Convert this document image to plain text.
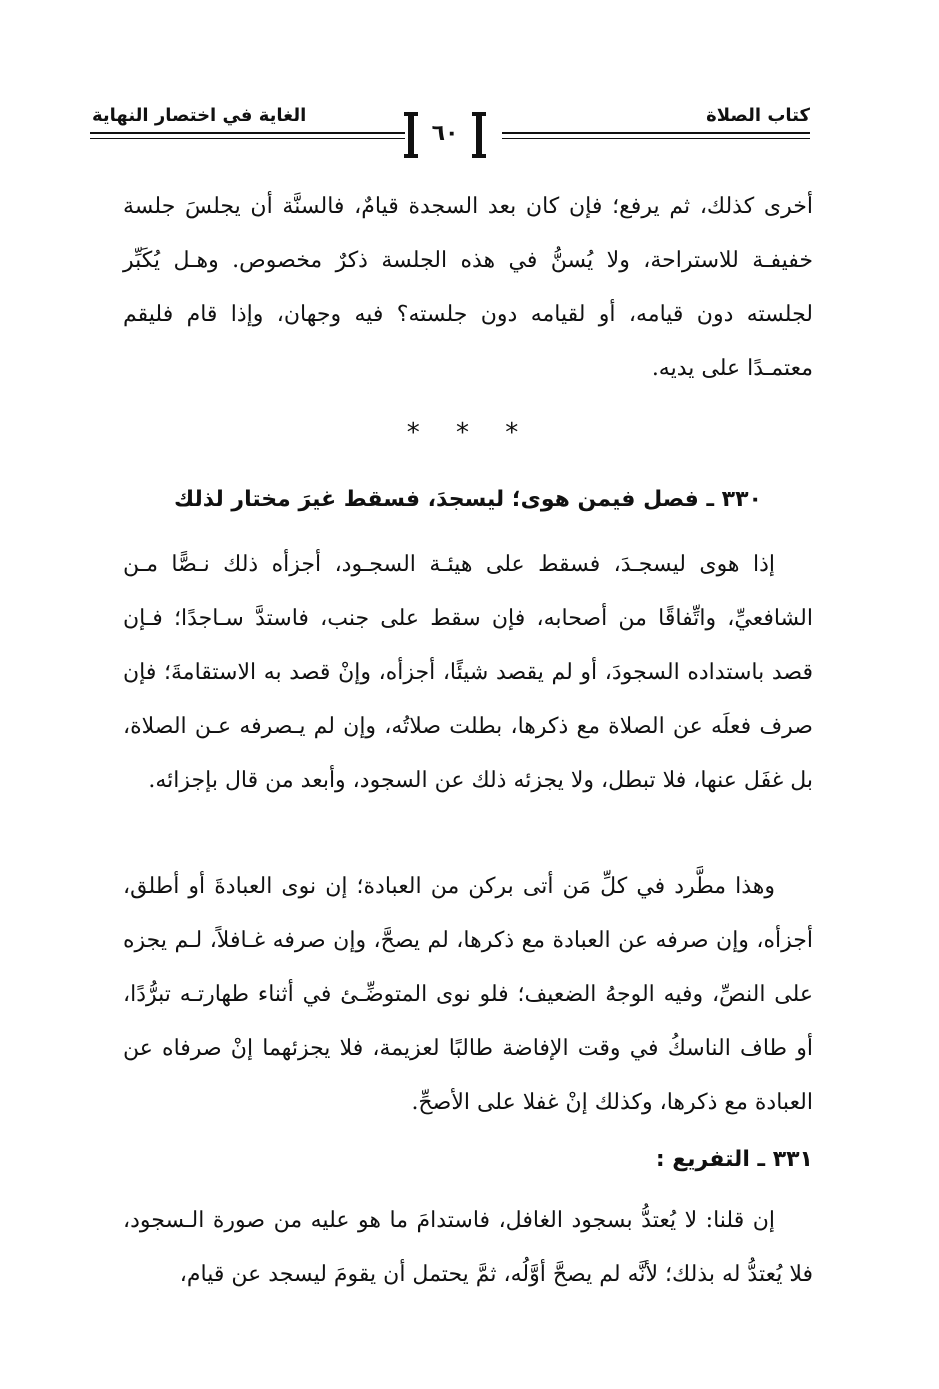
كتاب الصلاة
٦٠
الغاية في اختصار النهاية

أخرى كذلك، ثم يرفع؛ فإن كان بعد السجدة قيامٌ، فالسنَّة أن يجلسَ جلسة خفيفـة للاستراحة، ولا يُسنُّ في هذه الجلسة ذكرٌ مخصوص. وهـل يُكَبِّر لجلسته دون قيامه، أو لقيامه دون جلسته؟ فيه وجهان، وإذا قام فليقم معتمـدًا على يديه.

* * *
٣٣٠ ـ فصل فيمن هوى؛ ليسجدَ، فسقط غيرَ مختار لذلك

إذا هوى ليسجـدَ، فسقط على هيئـة السجـود، أجزأه ذلك نـصًّا مـن الشافعيِّ، واتِّفاقًا من أصحابه، فإن سقط على جنب، فاستدَّ سـاجدًا؛ فـإن قصد باستداده السجودَ، أو لم يقصد شيئًا، أجزأه، وإنْ قصد به الاستقامةَ؛ فإن صرف فعلَه عن الصلاة مع ذكرها، بطلت صلاتُه، وإن لم يـصرفه عـن الصلاة، بل غفَل عنها، فلا تبطل، ولا يجزئه ذلك عن السجود، وأبعد من قال بإجزائه.

وهذا مطَّرد في كلِّ مَن أتى بركن من العبادة؛ إن نوى العبادةَ أو أطلق، أجزأه، وإن صرفه عن العبادة مع ذكرها، لم يصحَّ، وإن صرفه غـافلاً، لـم يجزه على النصِّ، وفيه الوجهُ الضعيف؛ فلو نوى المتوضِّـئ في أثناء طهارتـه تبرُّدًا، أو طاف الناسكُ في وقت الإفاضة طالبًا لعزيمة، فلا يجزئهما إنْ صرفاه عن العبادة مع ذكرها، وكذلك إنْ غفلا على الأصحِّ.

٣٣١ ـ التفريع :

إن قلنا: لا يُعتدُّ بسجود الغافل، فاستدامَ ما هو عليه من صورة الـسجود، فلا يُعتدُّ له بذلك؛ لأنَّه لم يصحَّ أوَّلُه، ثمَّ يحتمل أن يقومَ ليسجد عن قيام،
